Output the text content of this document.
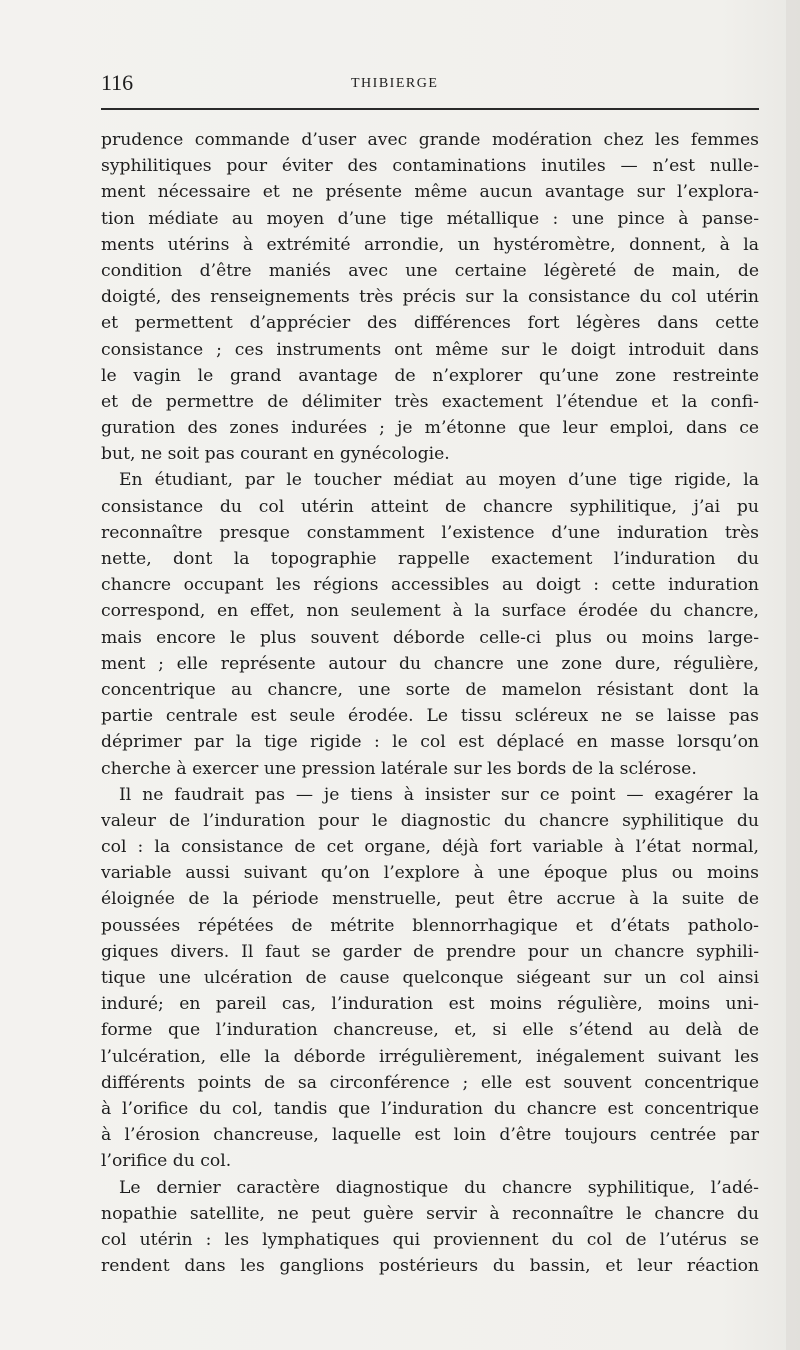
116	THIBIERGE
prudence commande d’user avec grande modération chez les femmes
syphilitiques pour éviter des contaminations inutiles — n’est nulle-
ment nécessaire et ne présente même aucun avantage sur l’explora-
tion médiate au moyen d’une tige métallique : une pince à panse-
ments utérins à extrémité arrondie, un hystéromètre, donnent, à la
condition d’être maniés avec une certaine légèreté de main, de
doigté, des renseignements très précis sur la consistance du col utérin
et permettent d’apprécier des différences fort légères dans cette
consistance ; ces instruments ont même sur le doigt introduit dans
le vagin le grand avantage de n’explorer qu’une zone restreinte
et de permettre de délimiter très exactement l’étendue et la confi-
guration des zones indurées ; je m’étonne que leur emploi, dans ce
but, ne soit pas courant en gynécologie.
En étudiant, par le toucher médiat au moyen d’une tige rigide, la
consistance du col utérin atteint de chancre syphilitique, j’ai pu
reconnaître presque constamment l’existence d’une induration très
nette, dont la topographie rappelle exactement l’induration du
chancre occupant les régions accessibles au doigt : cette induration
correspond, en effet, non seulement à la surface érodée du chancre,
mais encore le plus souvent déborde celle-ci plus ou moins large-
ment ; elle représente autour du chancre une zone dure, régulière,
concentrique au chancre, une sorte de mamelon résistant dont la
partie centrale est seule érodée. Le tissu scléreux ne se laisse pas
déprimer par la tige rigide : le col est déplacé en masse lorsqu’on
cherche à exercer une pression latérale sur les bords de la sclérose.
Il ne faudrait pas — je tiens à insister sur ce point — exagérer la
valeur de l’induration pour le diagnostic du chancre syphilitique du
col : la consistance de cet organe, déjà fort variable à l’état normal,
variable aussi suivant qu’on l’explore à une époque plus ou moins
éloignée de la période menstruelle, peut être accrue à la suite de
poussées répétées de métrite blennorrhagique et d’états patholo-
giques divers. Il faut se garder de prendre pour un chancre syphili-
tique une ulcération de cause quelconque siégeant sur un col ainsi
induré; en pareil cas, l’induration est moins régulière, moins uni-
forme que l’induration chancreuse, et, si elle s’étend au delà de
l’ulcération, elle la déborde irrégulièrement, inégalement suivant les
différents points de sa circonférence ; elle est souvent concentrique
à l’orifice du col, tandis que l’induration du chancre est concentrique
à l’érosion chancreuse, laquelle est loin d’être toujours centrée par
l’orifice du col.
Le dernier caractère diagnostique du chancre syphilitique, l’adé-
nopathie satellite, ne peut guère servir à reconnaître le chancre du
col utérin : les lymphatiques qui proviennent du col de l’utérus se
rendent dans les ganglions postérieurs du bassin, et leur réaction
